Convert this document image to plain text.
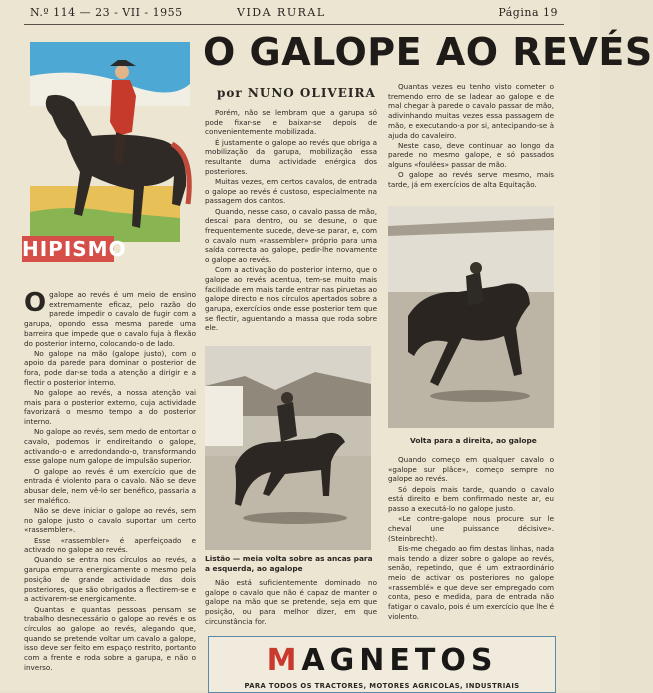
N.º 114 — 23 - VII - 1955	VIDA RURAL	Página 19
HIPISMO
O GALOPE AO REVÉS
por NUNO OLIVEIRA
O galope ao revés é um meio de ensino extremamente eficaz, pelo razão do parede impedir o cavalo de fugir com a garupa, opondo essa mesma parede uma barreira que impede que o cavalo fuja à flexão do posterior interno, colocando-o de lado.

No galope na mão (galope justo), com o apoio da parede para dominar o posterior de fora, pode dar-se toda a atenção a dirigir e a flectir o posterior interno.

No galope ao revés, a nossa atenção vai mais para o posterior externo, cuja actividade favorizará o mesmo tempo a do posterior interno.

No galope ao revés, sem medo de entortar o cavalo, podemos ir endireitando o galope, activando-o e arredondando-o, transformando esse galope num galope de impulsão superior.

O galope ao revés é um exercício que de entrada é violento para o cavalo. Não se deve abusar dele, nem vê-lo ser benéfico, passaria a ser maléfico.

Não se deve iniciar o galope ao revés, sem no galope justo o cavalo suportar um certo «rassembler».

Esse «rassembler» é aperfeiçoado e activado no galope ao revés.

Quando se entra nos círculos ao revés, a garupa empurra energicamente o mesmo pela posição de grande actividade dos dois posteriores, que são obrigados a flectirem-se e a activarem-se energicamente.

Quantas e quantas pessoas pensam se trabalho desnecessário o galope ao revés e os círculos ao galope ao revés, alegando que, quando se pretende voltar um cavalo a galope, isso deve ser feito em espaço restrito, portanto com a frente e roda sobre a garupa, e não o inverso.

Porém, não se lembram que a garupa só pode fixar-se e baixar-se depois de convenientemente mobilizada.

É justamente o galope ao revés que obriga a mobilização da garupa, mobilização essa resultante duma actividade enérgica dos posteriores.

Muitas vezes, em certos cavalos, de entrada o galope ao revés é custoso, especialmente na passagem dos cantos.

Quando, nesse caso, o cavalo passa de mão, descai para dentro, ou se desune, o que frequentemente sucede, deve-se parar, e, com o cavalo num «rassembler» próprio para uma saída correcta ao galope, pedir-lhe novamente o galope ao revés.

Com a activação do posterior interno, que o galope ao revés acentua, tem-se muito mais facilidade em mais tarde entrar nas piruetas ao galope directo e nos círculos apertados sobre a garupa, exercícios onde esse posterior tem que se flectir, aguentando a massa que roda sobre ele.

Quantas vezes eu tenho visto cometer o tremendo erro de se ladear ao galope e de mal chegar à parede o cavalo passar de mão, adivinhando muitas vezes essa passagem de mão, e executando-a por si, antecipando-se à ajuda do cavaleiro.

Neste caso, deve continuar ao longo da parede no mesmo galope, e só passados alguns «foulées» passar de mão.

O galope ao revés serve mesmo, mais tarde, já em exercícios de alta Equitação.

Listão — meia volta sobre as ancas para a esquerda, ao agalope
Volta para a direita, ao galope

Quando começo em qualquer cavalo o «galope sur plâce», começo sempre no galope ao revés.

Só depois mais tarde, quando o cavalo está direito e bem confirmado neste ar, eu passo a executá-lo no galope justo.

«Le contre-galope nous procure sur le cheval une puissance décisive». (Steinbrecht).

Eis-me chegado ao fim destas linhas, nada mais tendo a dizer sobre o galope ao revés, senão, repetindo, que é um extraordinário meio de activar os posteriores no galope «rassemblé» e que deve ser empregado com conta, peso e medida, para de entrada não fatigar o cavalo, pois é um exercício que lhe é violento.

Não está suficientemente dominado no galope o cavalo que não é capaz de manter o galope na mão que se pretende, seja em que posição, ou para melhor dizer, em que circunstância for.

MAGNETOS
PARA TODOS OS TRACTORES, MOTORES AGRICOLAS, INDUSTRIAIS
